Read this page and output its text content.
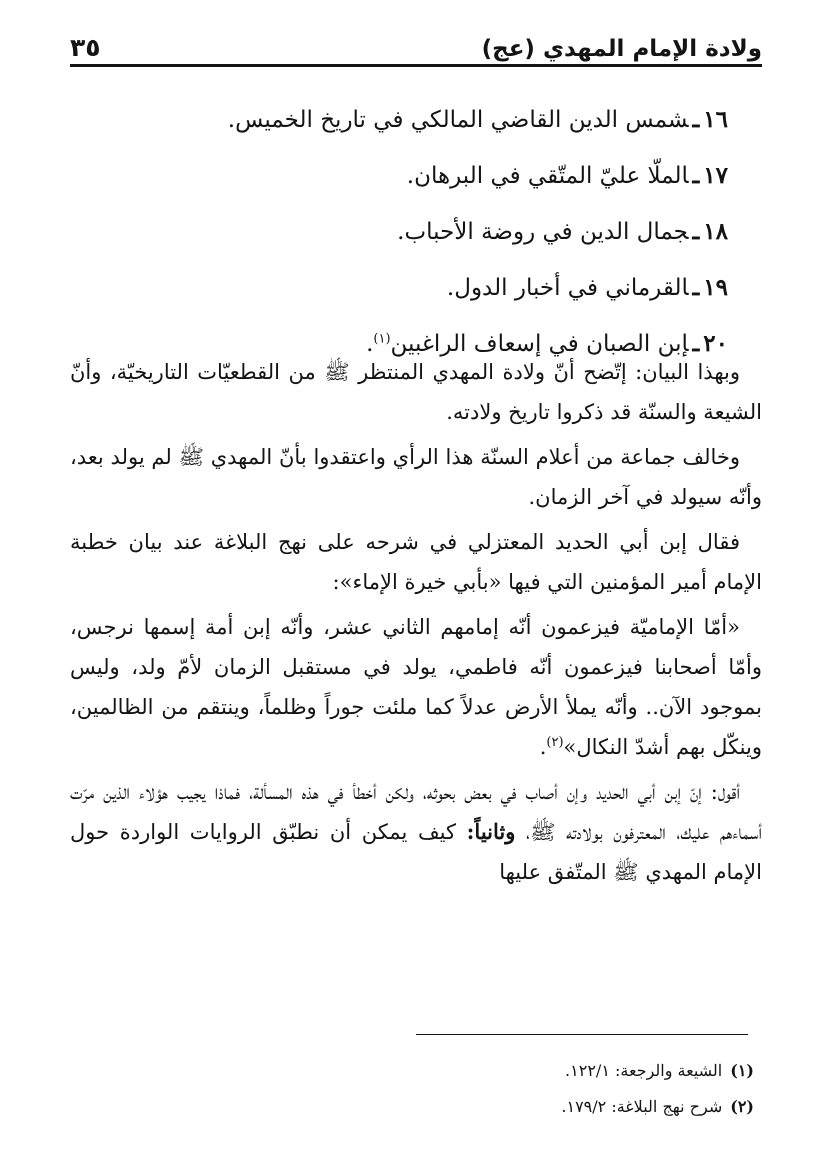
ولادة الإمام المهدي (عج)
٣٥
١٦ـشمس الدين القاضي المالكي في تاريخ الخميس.
١٧ـالملّا عليّ المتّقي في البرهان.
١٨ـجمال الدين في روضة الأحباب.
١٩ـالقرماني في أخبار الدول.
٢٠ـإبن الصبان في إسعاف الراغبين$^{(١)}$.

وبهذا البيان: إتّضح أنّ ولادة المهدي المنتظر ﷺ من القطعيّات التاريخيّة، وأنّ الشيعة والسنّة قد ذكروا تاريخ ولادته.

وخالف جماعة من أعلام السنّة هذا الرأي واعتقدوا بأنّ المهدي ﷺ لم يولد بعد، وأنّه سيولد في آخر الزمان.

فقال إبن أبي الحديد المعتزلي في شرحه على نهج البلاغة عند بيان خطبة الإمام أمير المؤمنين التي فيها «بأبي خيرة الإماء»:

«أمّا الإماميّة فيزعمون أنّه إمامهم الثاني عشر، وأنّه إبن أمة إسمها نرجس، وأمّا أصحابنا فيزعمون أنّه فاطمي، يولد في مستقبل الزمان لأمّ ولد، وليس بموجود الآن.. وأنّه يملأ الأرض عدلاً كما ملئت جوراً وظلماً، وينتقم من الظالمين، وينكّل بهم أشدّ النكال»$^{(٢)}$.

أقول: إنّ إبن أبي الحديد وإن أصاب في بعض بحوثه، ولكن أخطأ في هذه المسألة، فماذا يجيب هؤلاء الذين مرّت أسماءهم عليك، المعترفون بولادته ﷺ، وثانياً: كيف يمكن أن نطبّق الروايات الواردة حول الإمام المهدي ﷺ المتّفق عليها

(١)الشيعة والرجعة: ١٢٢/١.
(٢)شرح نهج البلاغة: ١٧٩/٢.
